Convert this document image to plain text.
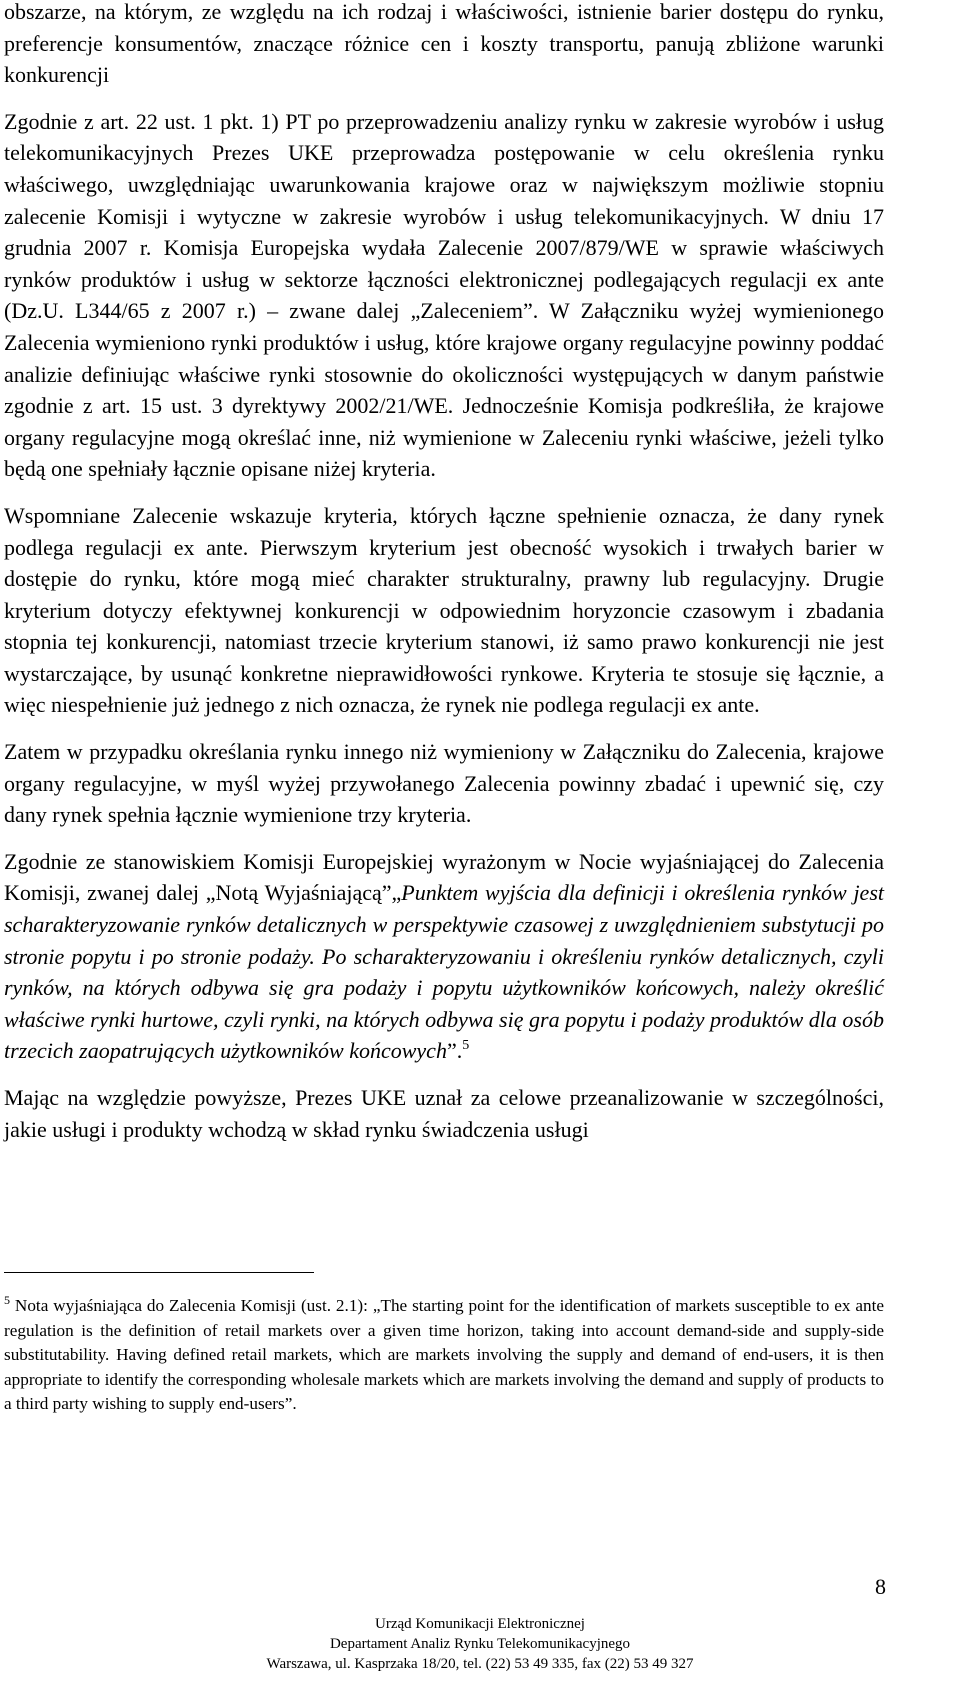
obszarze, na którym, ze względu na ich rodzaj i właściwości, istnienie barier dostępu do rynku, preferencje konsumentów, znaczące różnice cen i koszty transportu, panują zbliżone warunki konkurencji

Zgodnie z art. 22 ust. 1 pkt. 1) PT po przeprowadzeniu analizy rynku w zakresie wyrobów i usług telekomunikacyjnych Prezes UKE przeprowadza postępowanie w celu określenia rynku właściwego, uwzględniając uwarunkowania krajowe oraz w największym możliwie stopniu zalecenie Komisji i wytyczne w zakresie wyrobów i usług telekomunikacyjnych. W dniu 17 grudnia 2007 r. Komisja Europejska wydała Zalecenie 2007/879/WE w sprawie właściwych rynków produktów i usług w sektorze łączności elektronicznej podlegających regulacji ex ante (Dz.U. L344/65 z 2007 r.) – zwane dalej „Zaleceniem”. W Załączniku wyżej wymienionego Zalecenia wymieniono rynki produktów i usług, które krajowe organy regulacyjne powinny poddać analizie definiując właściwe rynki stosownie do okoliczności występujących w danym państwie zgodnie z art. 15 ust. 3 dyrektywy 2002/21/WE. Jednocześnie Komisja podkreśliła, że krajowe organy regulacyjne mogą określać inne, niż wymienione w Zaleceniu rynki właściwe, jeżeli tylko będą one spełniały łącznie opisane niżej kryteria.

Wspomniane Zalecenie wskazuje kryteria, których łączne spełnienie oznacza, że dany rynek podlega regulacji ex ante. Pierwszym kryterium jest obecność wysokich i trwałych barier w dostępie do rynku, które mogą mieć charakter strukturalny, prawny lub regulacyjny. Drugie kryterium dotyczy efektywnej konkurencji w odpowiednim horyzoncie czasowym i zbadania stopnia tej konkurencji, natomiast trzecie kryterium stanowi, iż samo prawo konkurencji nie jest wystarczające, by usunąć konkretne nieprawidłowości rynkowe. Kryteria te stosuje się łącznie, a więc niespełnienie już jednego z nich oznacza, że rynek nie podlega regulacji ex ante.

Zatem w przypadku określania rynku innego niż wymieniony w Załączniku do Zalecenia, krajowe organy regulacyjne, w myśl wyżej przywołanego Zalecenia powinny zbadać i upewnić się, czy dany rynek spełnia łącznie wymienione trzy kryteria.

Zgodnie ze stanowiskiem Komisji Europejskiej wyrażonym w Nocie wyjaśniającej do Zalecenia Komisji, zwanej dalej „Notą Wyjaśniającą”„Punktem wyjścia dla definicji i określenia rynków jest scharakteryzowanie rynków detalicznych w perspektywie czasowej z uwzględnieniem substytucji po stronie popytu i po stronie podaży. Po scharakteryzowaniu i określeniu rynków detalicznych, czyli rynków, na których odbywa się gra podaży i popytu użytkowników końcowych, należy określić właściwe rynki hurtowe, czyli rynki, na których odbywa się gra popytu i podaży produktów dla osób trzecich zaopatrujących użytkowników końcowych”.$^5$

Mając na względzie powyższe, Prezes UKE uznał za celowe przeanalizowanie w szczególności, jakie usługi i produkty wchodzą w skład rynku świadczenia usługi

$^5$ Nota wyjaśniająca do Zalecenia Komisji (ust. 2.1): „The starting point for the identification of markets susceptible to ex ante regulation is the definition of retail markets over a given time horizon, taking into account demand-side and supply-side substitutability. Having defined retail markets, which are markets involving the supply and demand of end-users, it is then appropriate to identify the corresponding wholesale markets which are markets involving the demand and supply of products to a third party wishing to supply end-users”.
8
Urząd Komunikacji Elektronicznej
Departament Analiz Rynku Telekomunikacyjnego
Warszawa, ul. Kasprzaka 18/20, tel. (22) 53 49 335, fax (22) 53 49 327
